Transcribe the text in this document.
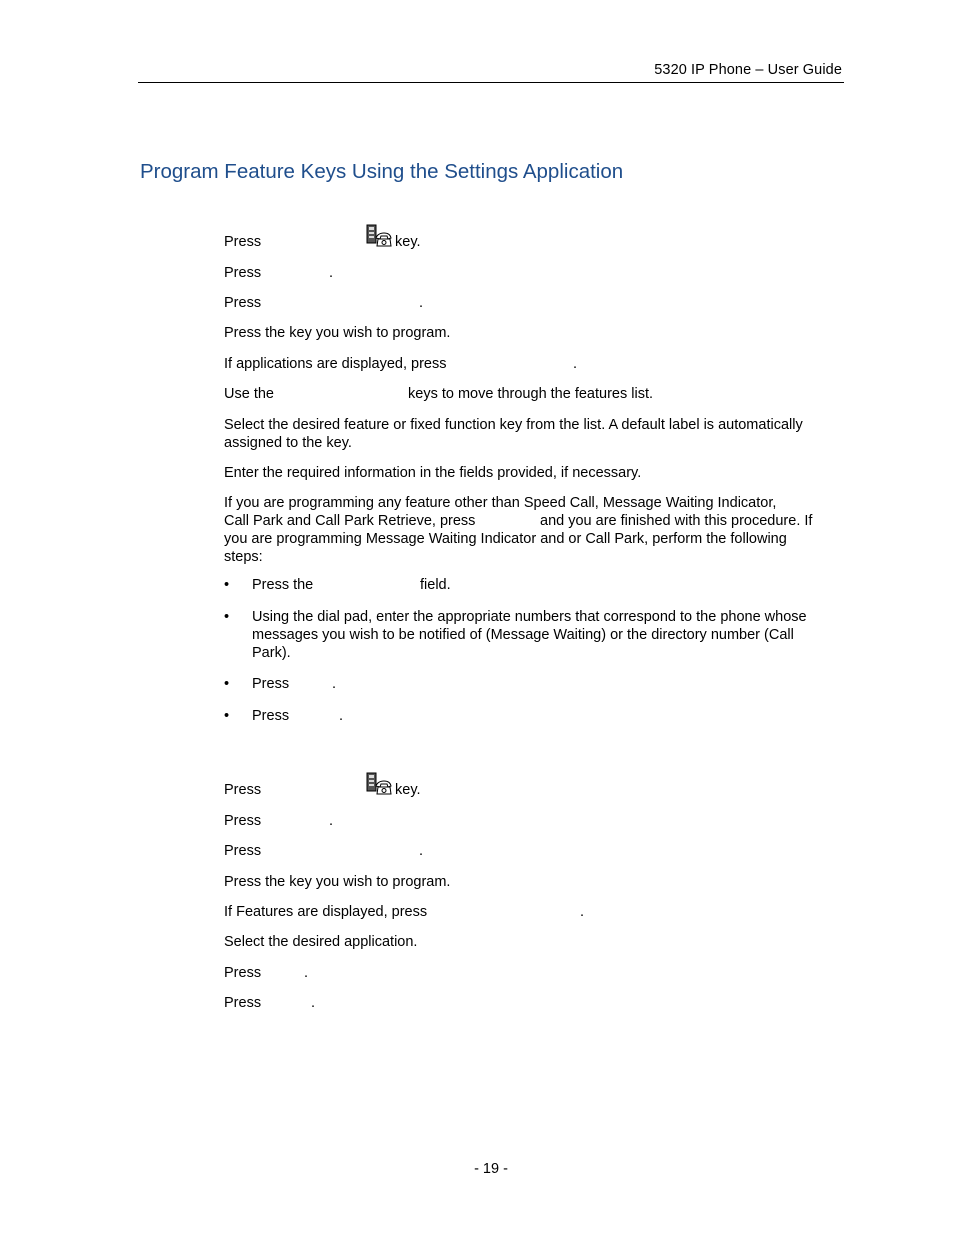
5320 IP Phone – User Guide
Program Feature Keys Using the Settings Application
Press	key.
Press	.
Press	.
Press the key you wish to program.
If applications are displayed, press	.
Use the	keys to move through the features list.
Select the desired feature or fixed function key from the list. A default label is automatically assigned to the key.
Enter the required information in the fields provided, if necessary.
If you are programming any feature other than Speed Call, Message Waiting Indicator,
Call Park and Call Park Retrieve, press	and you are finished with this procedure. If
you are programming Message Waiting Indicator and or Call Park, perform the following
steps:
• Press the	field.
• Using the dial pad, enter the appropriate numbers that correspond to the phone whose messages you wish to be notified of (Message Waiting) or the directory number (Call Park).
• Press	.
• Press	.
Press	key.
Press	.
Press	.
Press the key you wish to program.
If Features are displayed, press	.
Select the desired application.
Press	.
Press	.
- 19 -
